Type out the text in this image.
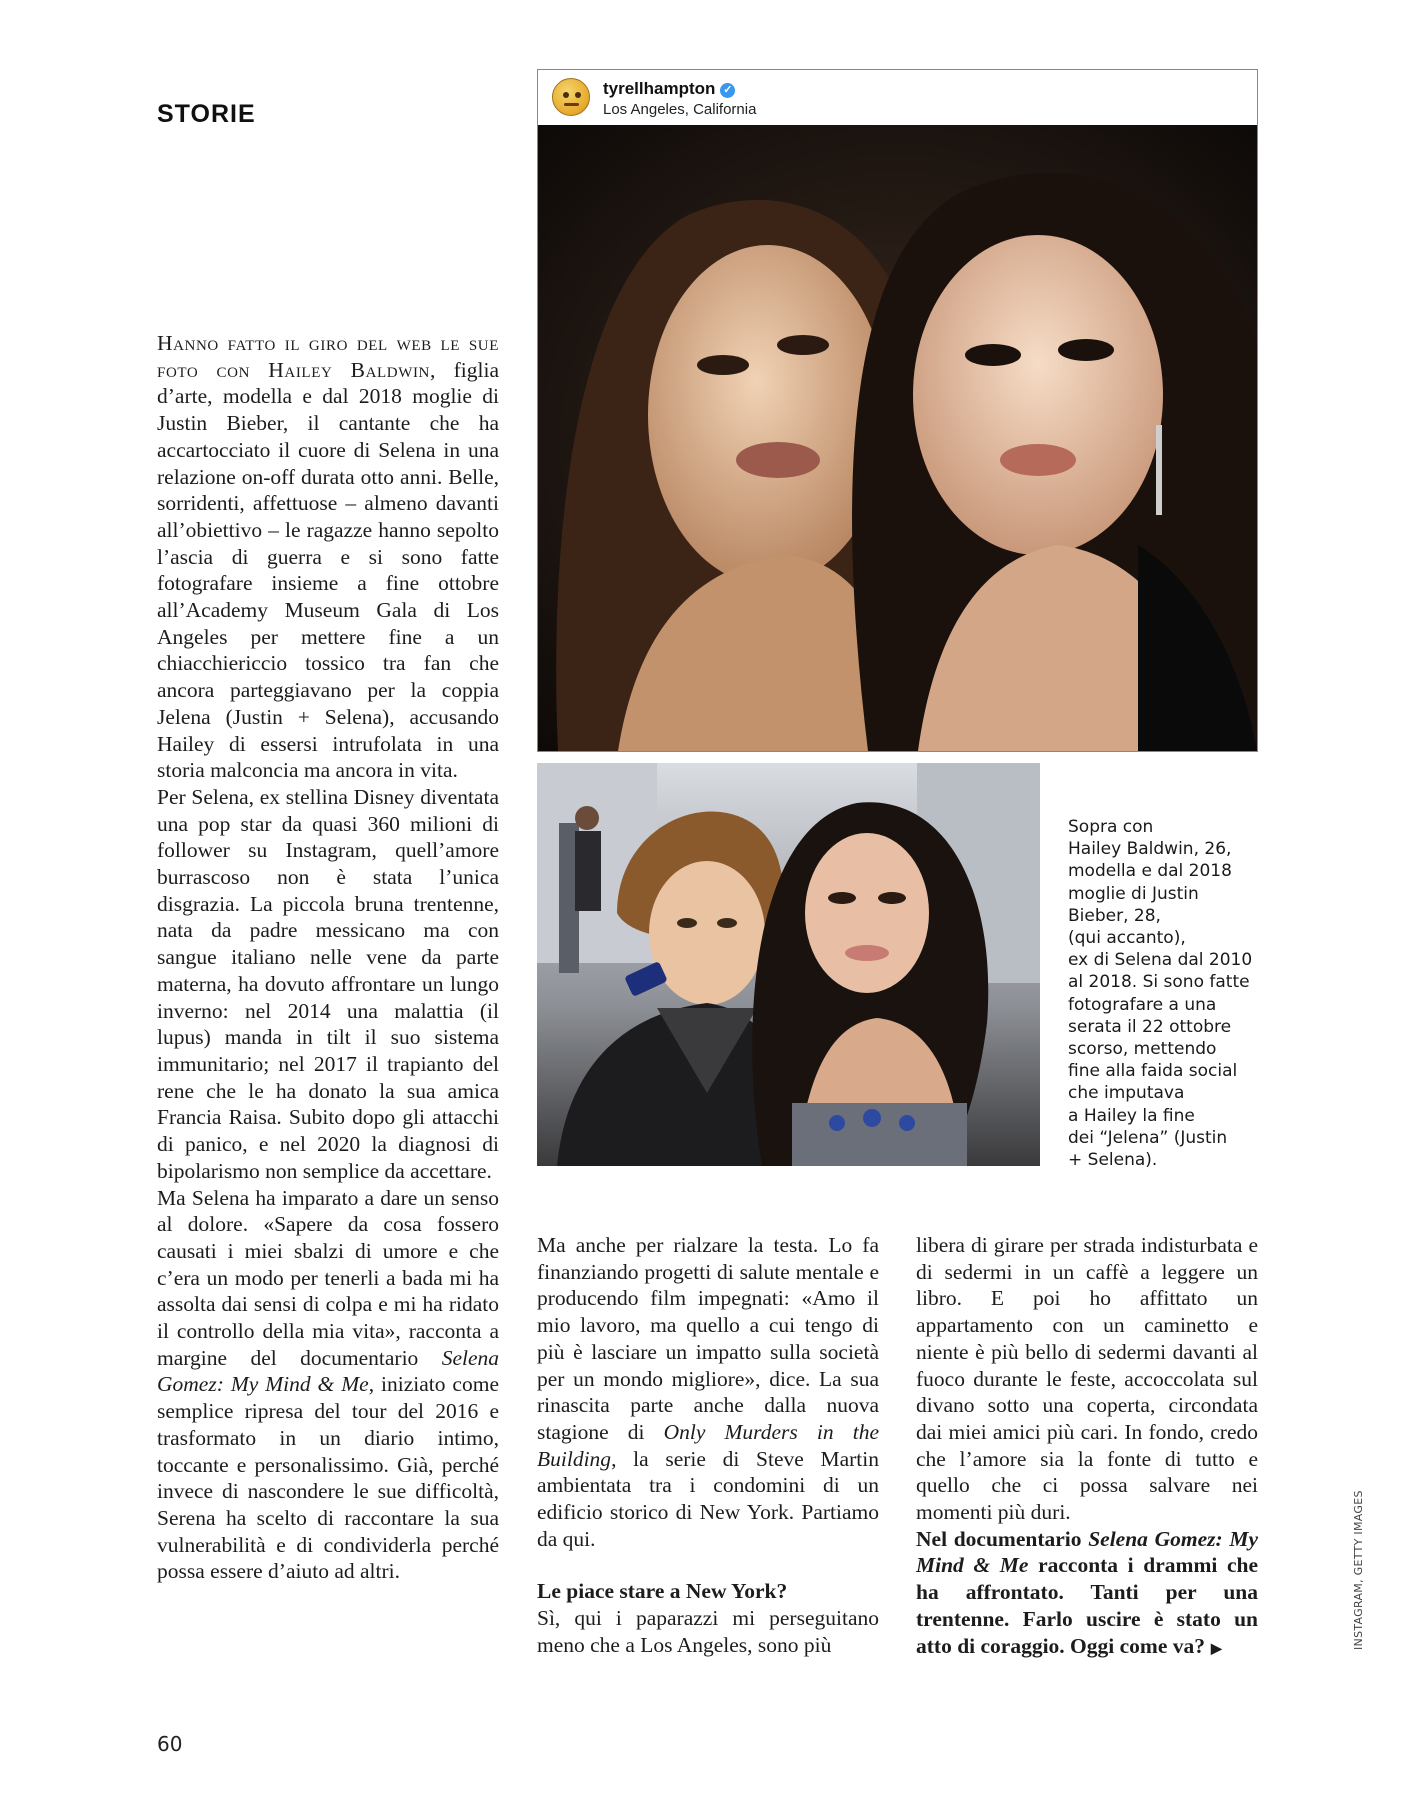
STORIE
tyrellhampton ✓
Los Angeles, California
Sopra con
Hailey Baldwin, 26,
modella e dal 2018
moglie di Justin
Bieber, 28,
(qui accanto),
ex di Selena dal 2010
al 2018. Si sono fatte
fotografare a una
serata il 22 ottobre
scorso, mettendo
fine alla faida social
che imputava
a Hailey la fine
dei “Jelena” (Justin
+ Selena).

Hanno fatto il giro del web le sue foto con Hailey Baldwin, figlia d’arte, modella e dal 2018 moglie di Justin Bieber, il cantante che ha accartocciato il cuore di Selena in una relazione on-off durata otto anni. Belle, sorridenti, affettuose – almeno davanti all’obiettivo – le ragazze hanno sepolto l’ascia di guerra e si sono fatte fotografare insieme a fine ottobre all’Academy Museum Gala di Los Angeles per mettere fine a un chiacchiericcio tossico tra fan che ancora parteggiavano per la coppia Jelena (Justin + Selena), accusando Hailey di essersi intrufolata in una storia malconcia ma ancora in vita.

Per Selena, ex stellina Disney diventata una pop star da quasi 360 milioni di follower su Instagram, quell’amore burrascoso non è stata l’unica disgrazia. La piccola bruna trentenne, nata da padre messicano ma con sangue italiano nelle vene da parte materna, ha dovuto affrontare un lungo inverno: nel 2014 una malattia (il lupus) manda in tilt il suo sistema immunitario; nel 2017 il trapianto del rene che le ha donato la sua amica Francia Raisa. Subito dopo gli attacchi di panico, e nel 2020 la diagnosi di bipolarismo non semplice da accettare.

Ma Selena ha imparato a dare un senso al dolore. «Sapere da cosa fossero causati i miei sbalzi di umore e che c’era un modo per tenerli a bada mi ha assolta dai sensi di colpa e mi ha ridato il controllo della mia vita», racconta a margine del documentario Selena Gomez: My Mind & Me, iniziato come semplice ripresa del tour del 2016 e trasformato in un diario intimo, toccante e personalissimo. Già, perché invece di nascondere le sue difficoltà, Serena ha scelto di raccontare la sua vulnerabilità e di condividerla perché possa essere d’aiuto ad altri.

Ma anche per rialzare la testa. Lo fa finanziando progetti di salute mentale e producendo film impegnati: «Amo il mio lavoro, ma quello a cui tengo di più è lasciare un impatto sulla società per un mondo migliore», dice. La sua rinascita parte anche dalla nuova stagione di Only Murders in the Building, la serie di Steve Martin ambientata tra i condomini di un edificio storico di New York. Partiamo da qui.

Le piace stare a New York?

Sì, qui i paparazzi mi perseguitano meno che a Los Angeles, sono più

libera di girare per strada indisturbata e di sedermi in un caffè a leggere un libro. E poi ho affittato un appartamento con un caminetto e niente è più bello di sedermi davanti al fuoco durante le feste, accoccolata sul divano sotto una coperta, circondata dai miei amici più cari. In fondo, credo che l’amore sia la fonte di tutto e quello che ci possa salvare nei momenti più duri.

Nel documentario Selena Gomez: My Mind & Me racconta i drammi che ha affrontato. Tanti per una trentenne. Farlo uscire è stato un atto di coraggio. Oggi come va? ▶	INSTAGRAM, GETTY IMAGES
60
